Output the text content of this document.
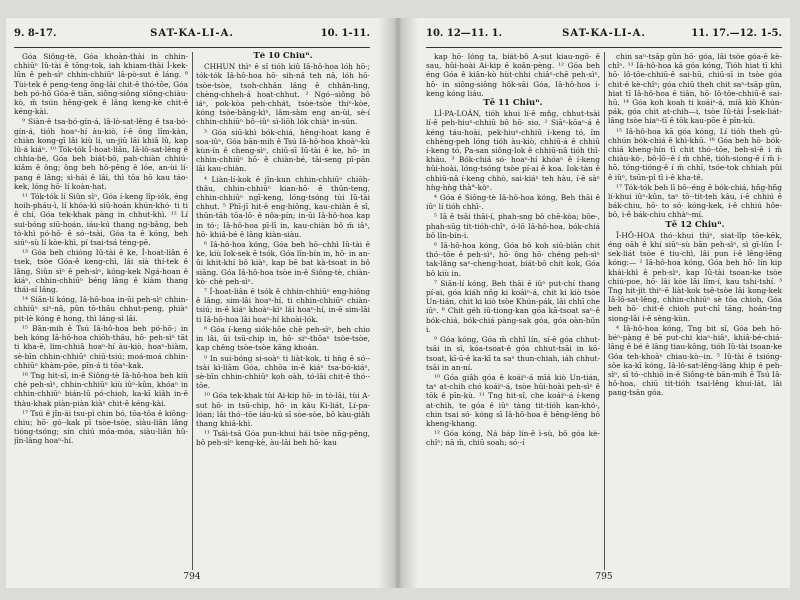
9. 8-17.	SAT-KA-LI-A.	10. 1-11.

Góa Siông-tè, Góa khoàn-thài in chhin-chhiūⁿ Iû-tài ê tōng-tok, iah khiam-thài Í-kek-lûn ê peh-sìⁿ chhin-chhiūⁿ lâ-pò-sut ê láng. ⁸ Tùi-tek ê peng-teng ông-lâi chit-ê thó-tôe, Góa beh pó-hō Góa-ê tiān, siông-siông siông-chiàu-kò, m̄ tsún hêng-gek ê lâng keng-kè chit-ê kéng-kài.

⁹ Siàn-ê tsa-bó-gín-á, lâ-lò-sat-lêng ê tsa-bó-gín-á, tióh hoaⁿ-hí àu-kiò, í-ê ông lîm-kàn, chiàn kong-gī lâi kiù lí, un-jiû lâi khiâ lû, kap lû-á kiáⁿ. ¹⁰ Tók-tók Í-hoat-liân, Iâ-lô-sat-lêng ê chhia-bé, Góa beh biát-bô, pah-chiàn chhiú-kiâm ê ông; ông beh hô-pêng ê lóe, an-ùi lí-pang ê lâng; sì-hái ê lâi, thì tōa hō kau táo-kek, lóng hō· lí koàn-hat.

¹¹ Tók-tók lí Siûn sìⁿ, Góa í-keng lîp-iók, éng hoih-pháu-ì, lí khóa-kì siū-hoán khún-khó· ti ti ê chí, Góa tek-khak pàng in chhut-khì. ¹² Lí sui-bóng siū-hoán, iáu-kú thang ng-bāng, beh tò-khì pó-hō· ê só·-tsài, Góa ta ê kóng, beh siúⁿ-sù lí kòe-khì, pí tsai-tsá téng-pē.

¹³ Góa beh chióng Iû-tài ê ke, Í-hoat-liân ê tsek, tsòe Góa-ê keng-chì, lâi sià thí-tek ê lâng, Siûn sìⁿ ê peh-sìⁿ, kóng-kek Ngá-hoan ê kiáⁿ, chhin-chhiūⁿ béng lâng ê kiàm thang thái-sí lâng.

¹⁴ Siān-lí kóng, Iâ-hô-hoa in-ūi peh-sìⁿ chhin-chhiūⁿ siⁿ-nâ, pûn tō-thâu chhut-peng, phiàⁿ pit-lè kóng ê hong, thì láng-sì lâi.

¹⁵ Bān-mih ê Tsú Iâ-hô-hoa beh pó-hō·; in beh kóng Iâ-hô-hoa chiōh-thâu, hō· peh-sìⁿ tāt ti kha-ē, lim-chhiâ hoaⁿ-hí àu-kiò, hoaⁿ-hiàm, sè-bīn chhin-chhiūⁿ chiū-tsiú; moá-moá chhin-chhiūⁿ khàm-pōe, pīn-á ti tōaⁿ-kak.

¹⁶ Tng hit-sî, in-ê Siông-tè Iâ-hô-hoa beh kiù chè peh-sìⁿ, chhin-chhiūⁿ kiù iûⁿ-kûn, khóaⁿ in chhin-chhiūⁿ bián-lū pó-chioh, ka-kī kiâh in-ê thàu-khak piàn-piàn kiàⁿ chit-ê kéng-kài.

¹⁷ Tsú ê jîn-ài tsu-pì chin bó, tōa-tōa ê kiōng-chiu; hō· gó·-kak pī tsòe-tsòe, siàu-liân lâng tióng-tsóng; sin chiú móa-móa, siàu-liân hû-jîn-lâng hoaⁿ-hí.

Tē 10 Chiuⁿ.

CHHUN thìⁿ ê sî tióh kiû Iâ-hô-hoa lóh hō·; tók-tók Iâ-hô-hoa hō· sih-nâ teh nâ, lóh hō· tsòe-tsòe, tsoh-chhân lâng ê chhân-hng, chèng-chheh-á hoat-chhut. ² Ngó·-siông bô iáⁿ, pok-kòa peh-chhát, tsòe-tsòe thiⁿ-kòe, kóng tsòe-bâng-kìⁿ, lâm-sàm eng an-ùi, sè-í chhin-chhiūⁿ bô·-iûⁿ sì-liōh lók chiàⁿ in-sūn.

³ Góa siū-khì bók-chiá, hêng-hoat kang ê soa-iûⁿ, Góa bān-mih ê Tsú Iâ-hô-hoa khoàⁿ-kù kùn-ín ê cheng-sìⁿ, chiū-sī Iû-tài ê ke, hō· in chhin-chhiūⁿ hō· ê chiàn-bé, tāi-seng pī-pān lâi kau-chiàn.

⁴ Liàn-lí-kok ê jîn-kun chhin-chhiūⁿ chiōh-thâu, chhin-chhiūⁿ kian-hō· ê thūn-teng, chhin-chhiūⁿ ngī-keng, lóng-tsóng tùi Iû-tài chhut. ⁵ Phī-jī hit-ê eng-hiông, kau-chiàn ê sî, thūn-tāh tōa-lō· ê nôa-pín; in-ūi Iâ-hô-hoa kap in tó·; Iâ-hô-hoa pī-lī in, kau-chiàn bô m̄ iâⁿ, hō· khiâ-bé ê lâng kiàn-siàu.

⁶ Iâ-hô-hoa kóng, Góa beh hō·-chhì Iû-tài ê ke, kiù Iok-sek ê tsók, Góa lîn-bín in, hō· in an-ûi khit-khí bô kiàⁿ, kap bē bat kà-tsoat in bô siāng. Góa Iâ-hô-hoa tsòe in-ê Siông-tè, chiàn-kò· chè peh-sìⁿ.

⁷ Í-hoat-liân ê tsók ê chhin-chhiūⁿ eng-hiông ê lâng, sim-lâi hoaⁿ-hí, ti chhin-chhiūⁿ chiàn-tsiú; in-ê kiáⁿ khoàⁿ-kìⁿ lâi hoaⁿ-hí, in-ê sim-lāi ti Iâ-hô-hoa lâi hoaⁿ-hí khoài-lók.

⁸ Góa í-keng siók-hôe chè peh-sìⁿ, beh chio in lâi, ūi tsū-chip in, hō· siⁿ-thōaⁿ tsòe-tsòe, kap chêng tsòe-tsòe kāng khoán.

⁹ In sui-bóng si-soàⁿ ti liàt-kok, ti hn̄g ê só·-tsài kì-liām Góa, chhōa in-ê kiáⁿ tsa-bó-kiáⁿ, sè-bīn chhin-chhiūⁿ koh oàh, tó-lâi chit-ê thó·-tōe.

¹⁰ Góa tek-khak tùi Ai-kip hō· in tò-lâi, tùi A-sut hō· in tsū-chip, hō· in kàu Ki-liát, Lí-pa-lóan; lâi thó·-tōe iáu-kú sī sòe-sòe, bô kàu-giâh thang khiâ-khì.

¹¹ Tsâi-tsā Góa pun-khui hái tsòe nñg-pêng, bô peh-sìⁿ keng-kè, àu-lâi beh hō· kau

794
10. 12—11. 1.	SAT-KA-LI-A.	11. 17.—12. 1-5.

kap hō· lóng ta, biát-bô A-sut kiau-ngō· ê sau, hûi-hoài Ai-kip ê koân-pèng. ¹² Góa beh éng Góa ê kiân-kò hùt-chhi chiâⁿ-chē peh-sìⁿ, hō· in siông-siông hôk-sāi Góa, Iâ-hô-hoa í-keng kóng liáu.

Tē 11 Chiuⁿ.

LÍ-PA-LOÁN, tióh khui lí-ê mn̂g, chhut-tsài lí-ê peh-hiuⁿ-chhiū bô hō· sio. ² Siāⁿ-kōaⁿ-á ê kéng táu-hoài, pek-hiuⁿ-chhiū í-keng tó, îm chhèng-peh lóng tióh àu-kiò, chhiū-á ê chhiū í-keng tó, Pa-san siông-lok ê chhiū-nâ tióh thî-khàu. ³ Bók-chiá só· hoaⁿ-hí khóaⁿ ê í-keng hûi-hoài, lóng-tsóng tsòe pí-ai ê koa. Iok-tàn ê chhiū-nâ í-keng chhò, sai-kiáⁿ teh hàu, í-ê sàⁿ hǹg-hǹg thà°-kòⁿ.

⁴ Góa ê Siông-tè Iâ-hô-hoa kóng, Beh thāi ê iûⁿ lí tióh chhī-.

⁵ Iā ê tsâi thāi-í, phah-sng bô chē-kòa; bōe-, phah-sūg tit-tióh-chîⁿ, ó-lō Iâ-hô-hoa, bók-chiá bô lîn-bín-i.

⁶ Iâ-hô-hoa kóng, Góa bô koh siū-biān chit thó·-tōe ê peh-sìⁿ, hō· ông hō· chéng peh-sìⁿ tak-lâng saⁿ-cheng-hoat, biát-bô chit kok, Góa bô kiù in.

⁷ Siān-lí kóng, Beh thāi ê iûⁿ put-chí thang pí-ai, góa kiáh nn̄g ki koáiⁿ-á, chit ki kiò tsòe Un-tián, chit ki kiò tsòe Khún-pák, lâi chhī che iûⁿ. ⁸ Chit géh iū-tiong-kan góa kā-tsoat saⁿ-ê bók-chiá, bók-chiá pàng-sak góa, góa oàn-hūn i.

⁹ Góa kóng, Góa m̄ chhī lín, sí-ê góa chhut-tsāi in sí, kóa-tsoat-ê góa chhut-tsāi in kō-tsoat, kī-ū-ê ka-kī ta saⁿ thun-chiah, iáh chhut-tsāi in an-ní.

¹⁰ Góa giâh góa ê koáiⁿ-á mīá kiò Un-tián, taⁿ at-chih chó koáiⁿ-á, tsòe hûi-hoài peh-sìⁿ ê tōk ê pīn-kù. ¹¹ Tng hit-sî, che koáiⁿ-á í-keng at-chih, te góa ê iûⁿ tàng tit-tióh kan-khó·, chin tsai só· kóng sī Iâ-hô-hoa ê bêng-lēng bô kheng-khang.

¹² Góa kóng, Ná báp lín-ê ì-sù, bô góa kè-chîⁿ; nā m̄, chiū soah; só·-í

chin saⁿ-tsāp gûn hō· góa, lâi tsòe góa-ê kè-chîⁿ. ¹³ Iâ-hô-hoa kā góa kóng, Tióh hiat tī khì hō· lô-tôe-chhiū-ê sai-hū, chiū-sī in tsòe góa chit-ê kè-chîⁿ; góa chiū theh chit saⁿ-tsāp gûn, hiat tī Iâ-hô-hoa ê tiān, hō· lô-tôe-chhiū-ê sai-hū. ¹⁴ Góa koh koah ti koáiⁿ-á, miā kiò Khún-pák, góa chit at-chih—i, tsòe Iû-tài Í-sek-liát-lâng tsòe hiaⁿ-tī ê tōk kau-pōe ê pīn-kù.

¹⁵ Iâ-hô-hoa kā góa kóng, Lí tióh theh gû-chhún bók-chiá ê khì-khū. ¹⁶ Góa beh hō· bók-chiá kheng-hín tī chit thó·-tōe, beh-sì-ê í m̄ chiàu-kò·, bô-lō·-ê í m̄ chhē, tióh-siong-ê í m̄ í-hō, tóng-tióng-ê í m̄ chhī, tsóe-tok chhiah pûi ê iûⁿ, tsūn-pî tī i-ê kha-tê.

¹⁷ Tók-tók beh lī bô·-éng ê bók-chiá, hñg-hñg lí-khui iûⁿ-kûn, taⁿ tō·-tit-teh kâu, í-ê chhiú ê bák-chiu, hō· to só· kóng-kek, i-ê chhiú hôe-bô, i-ê bák-chiu chhàⁿ-mí.

Tē 12 Chiuⁿ.

Î-HÔ-HOA thó·-khui thìⁿ, siat-lîp tōe-kēk, éng oāh ê khí siūⁿ-sù bān peh-sìⁿ, sì gī-lûn Í-sek-liát tsòe ê tiu-chì, lâi pun í-ê lêng-lêng kóng:— ² Iâ-hô-hoa kóng, Góa beh hō· lín kip khái-khì ê peh-sìⁿ, kap Iû-tài tsoan-ke tsòe chiú-poe, hō· lâi kòe lâi lîm-í, kau tshi-tshí. ³ Tng hit-jit thiⁿ-ē liàt-kok tsê-tsòe lâi kong-kek Iâ-lô-sat-lêng, chhin-chhiūⁿ sè tōa chioh, Góa beh hō· chit-ê chioh put-chī tāng, hoán-tng siong-lâi í-ê sèng-kùn.

⁴ Iâ-hô-hoa kóng, Tng bit sî, Góa beh hō· béⁿ-pàng ê bē put-chi kiaⁿ-hiâⁿ, khiâ-bé-chiá-lâng ê bé ê lâng tiau-kông, tióh Iû-tài tsoan-ke Góa teh-khoàⁿ chiau-kò·-in. ⁵ Iû-tài ê tsióng-sôe ka-kī kóng, Iâ-lô-sat-lêng-lâng khip ê peh-sìⁿ, sī tó·-chhiō in-ê Siông-tè bān-mih ê Tsú Iâ-hô-hoa, chiū tit-tióh tsai-lêng khui-lát, lâi pang-tsān góa.

795
